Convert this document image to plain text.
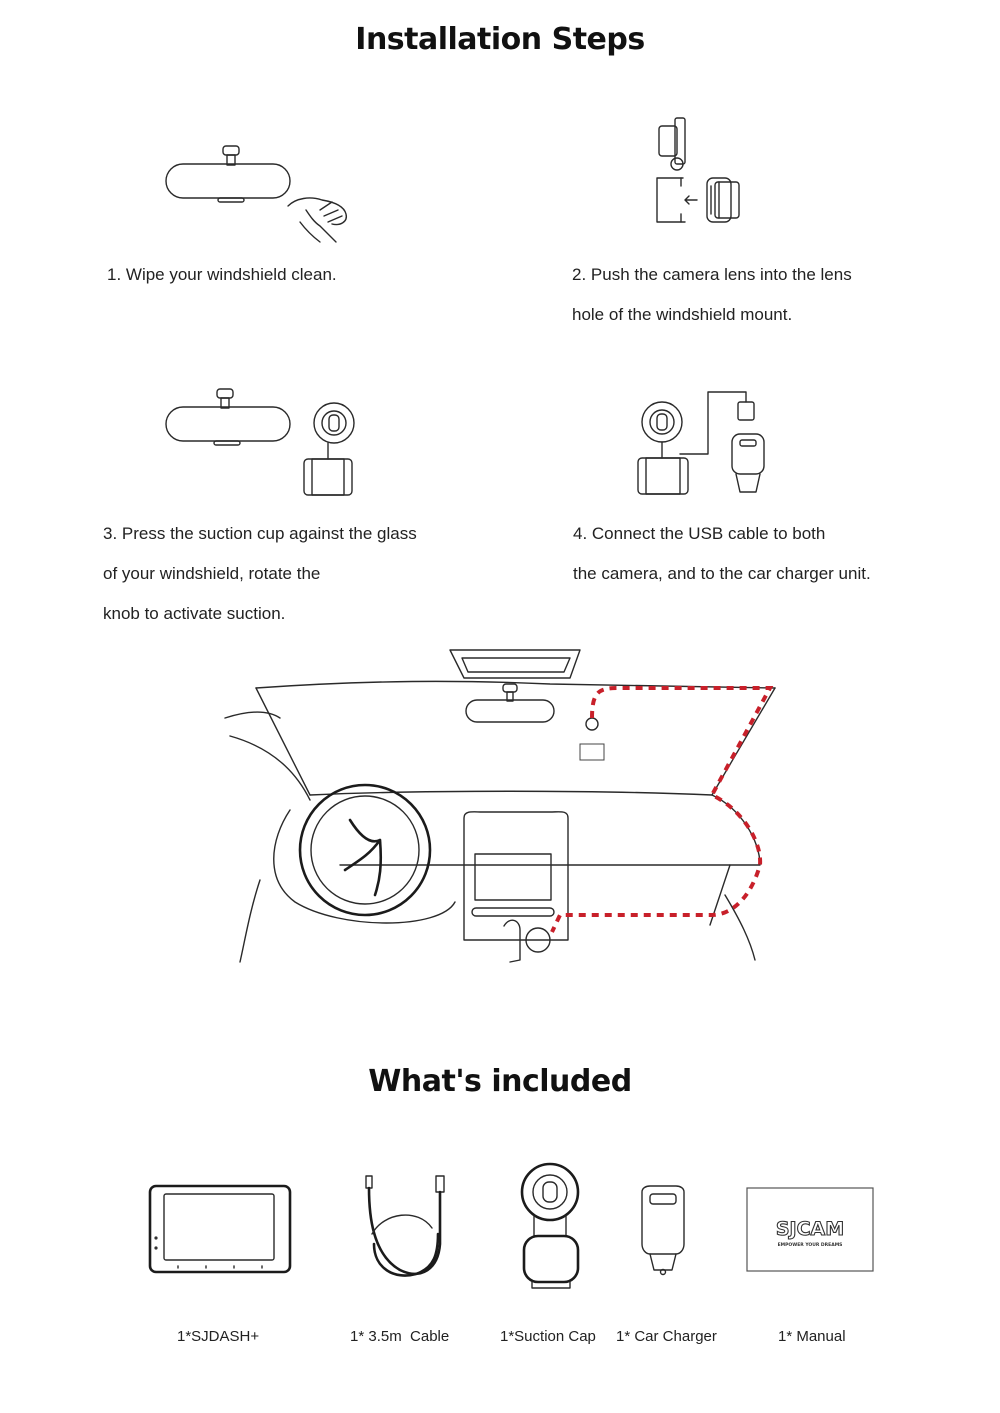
Installation Steps
1. Wipe your windshield clean.	2. Push the camera lens into the lens
hole of the windshield mount.
3. Press the suction cup against the glass
of your windshield, rotate the
knob to activate suction.
4. Connect the USB cable to both
the camera, and to the car charger unit.
What's included
SJCAM
EMPOWER YOUR DREAMS
1*SJDASH+	1* 3.5m  Cable	1*Suction Cap 1* Car Charger	1* Manual
